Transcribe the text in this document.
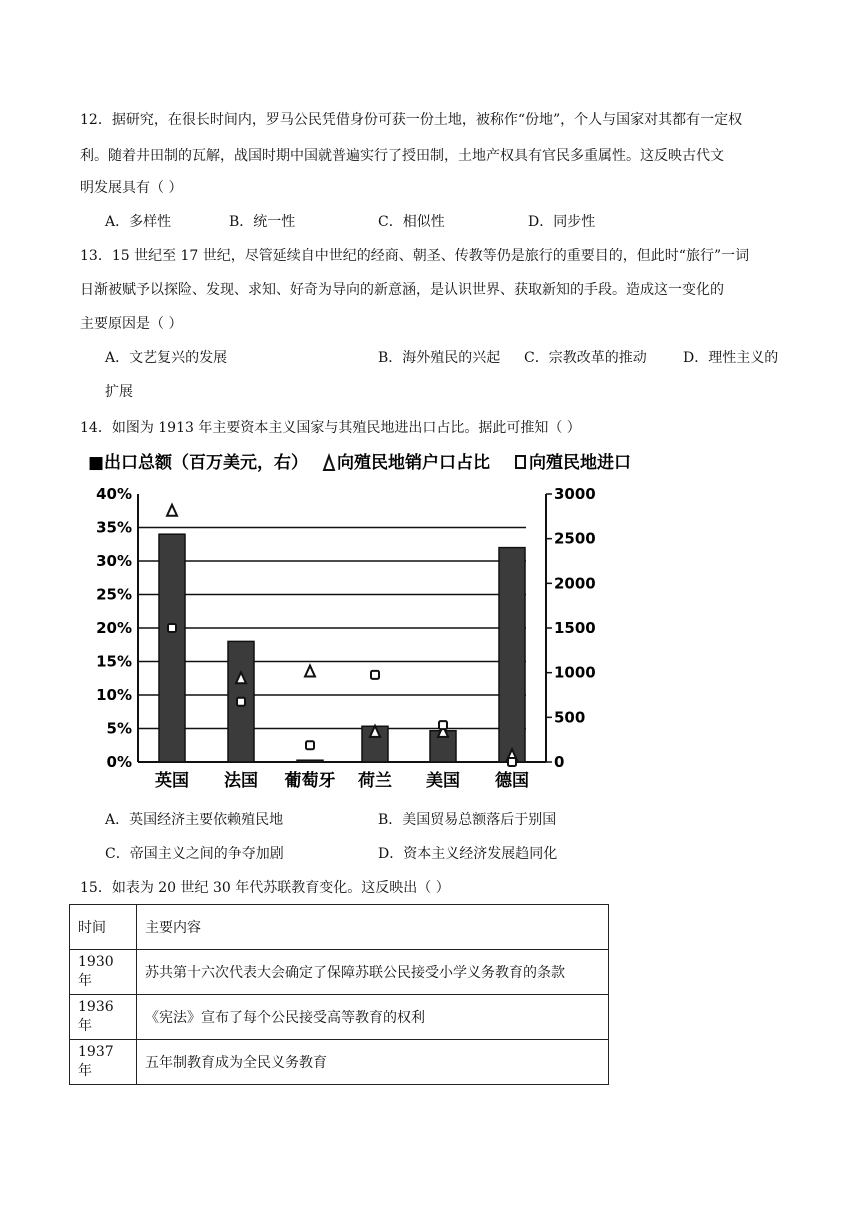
12．据研究，在很长时间内，罗马公民凭借身份可获一份土地，被称作“份地”，个人与国家对其都有一定权
利。随着井田制的瓦解，战国时期中国就普遍实行了授田制，土地产权具有官民多重属性。这反映古代文
明发展具有（ ）
A．多样性	B．统一性	C．相似性	D．同步性
13．15 世纪至 17 世纪，尽管延续自中世纪的经商、朝圣、传教等仍是旅行的重要目的，但此时“旅行”一词
日渐被赋予以探险、发现、求知、好奇为导向的新意涵，是认识世界、获取新知的手段。造成这一变化的
主要原因是（ ）
A．文艺复兴的发展	B．海外殖民的兴起 C．宗教改革的推动	D．理性主义的
扩展
14．如图为 1913 年主要资本主义国家与其殖民地进出口占比。据此可推知（ ）
■出口总额（百万美元，右） 向殖民地销户口占比 向殖民地进口
0%
5%
10%
15%
20%
25%
30%
35%
40%
0
500
1000
1500
2000
2500
3000
英国 法国 葡萄牙 荷兰 美国 德国
A．英国经济主要依赖殖民地	B．美国贸易总额落后于别国
C．帝国主义之间的争夺加剧	D．资本主义经济发展趋同化
15．如表为 20 世纪 30 年代苏联教育变化。这反映出（ ）
时间	主要内容
1930 年	苏共第十六次代表大会确定了保障苏联公民接受小学义务教育的条款
1936 年	《宪法》宣布了每个公民接受高等教育的权利
1937 年	五年制教育成为全民义务教育
